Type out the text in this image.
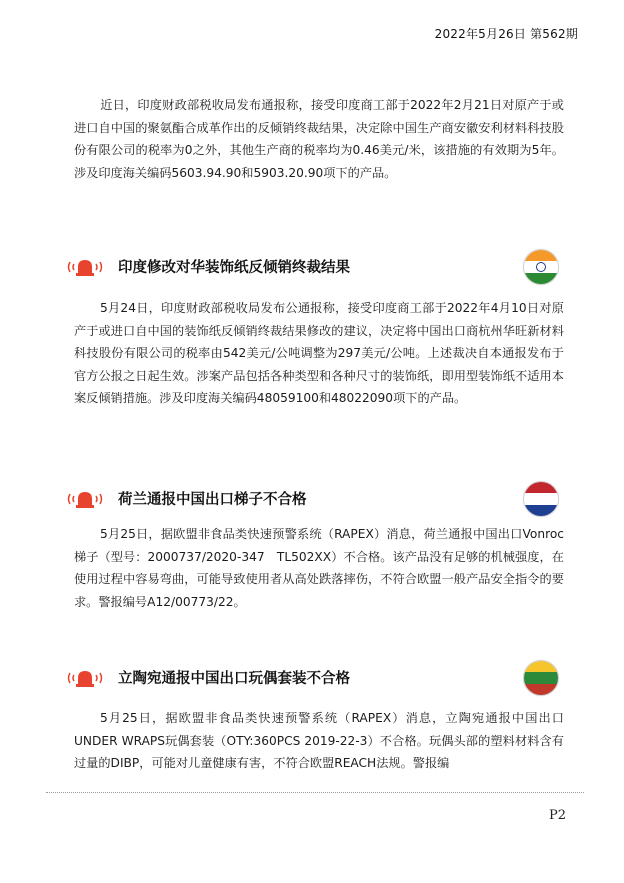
2022年5月26日 第562期
近日，印度财政部税收局发布通报称，接受印度商工部于2022年2月21日对原产于或进口自中国的聚氨酯合成革作出的反倾销终裁结果，决定除中国生产商安徽安利材料科技股份有限公司的税率为0之外，其他生产商的税率均为0.46美元/米，该措施的有效期为5年。涉及印度海关编码5603.94.90和5903.20.90项下的产品。
印度修改对华装饰纸反倾销终裁结果
5月24日，印度财政部税收局发布公通报称，接受印度商工部于2022年4月10日对原产于或进口自中国的装饰纸反倾销终裁结果修改的建议，决定将中国出口商杭州华旺新材料科技股份有限公司的税率由542美元/公吨调整为297美元/公吨。上述裁决自本通报发布于官方公报之日起生效。涉案产品包括各种类型和各种尺寸的装饰纸，即用型装饰纸不适用本案反倾销措施。涉及印度海关编码48059100和48022090项下的产品。
荷兰通报中国出口梯子不合格
5月25日，据欧盟非食品类快速预警系统（RAPEX）消息，荷兰通报中国出口Vonroc梯子（型号：2000737/2020-347　TL502XX）不合格。该产品没有足够的机械强度，在使用过程中容易弯曲，可能导致使用者从高处跌落摔伤，不符合欧盟一般产品安全指令的要求。警报编号A12/00773/22。
立陶宛通报中国出口玩偶套装不合格
5月25日，据欧盟非食品类快速预警系统（RAPEX）消息，立陶宛通报中国出口UNDER WRAPS玩偶套装（OTY:360PCS 2019-22-3）不合格。玩偶头部的塑料材料含有过量的DIBP，可能对儿童健康有害，不符合欧盟REACH法规。警报编
P2
